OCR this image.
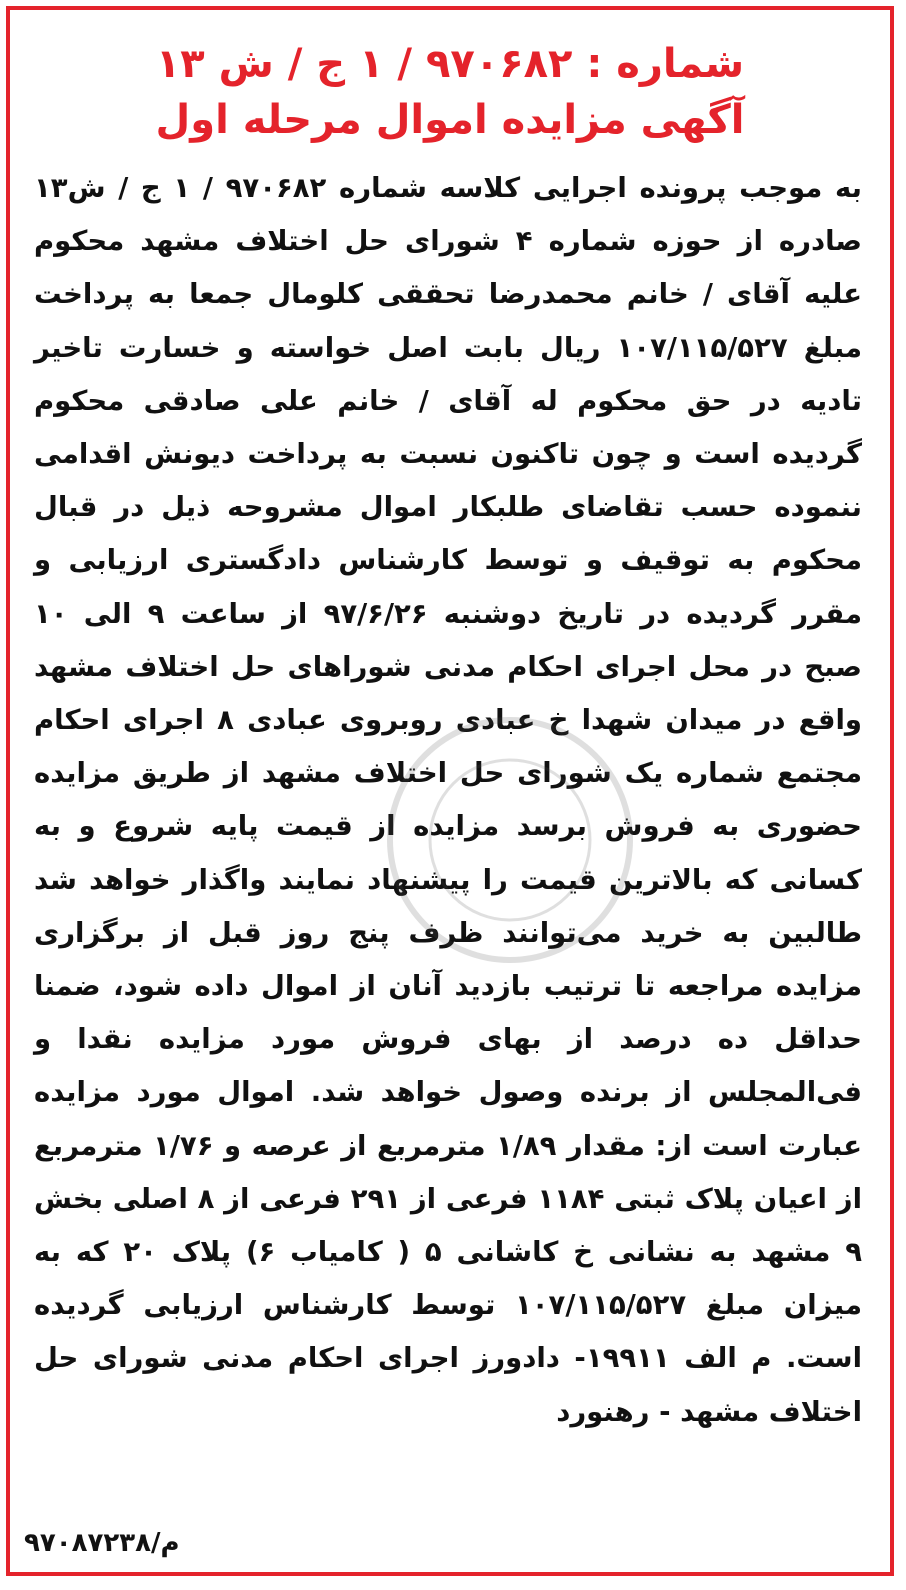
شماره : ۹۷۰۶۸۲ / ۱ ج / ش ۱۳

آگهی مزایده اموال مرحله اول

به موجب پرونده اجرایی کلاسه شماره ۹۷۰۶۸۲ / ۱ ج / ش۱۳ صادره از حوزه شماره ۴ شورای حل اختلاف مشهد محکوم علیه آقای / خانم محمدرضا تحققی کلومال جمعا به پرداخت مبلغ ۱۰۷/۱۱۵/۵۲۷ ریال بابت اصل خواسته و خسارت تاخیر تادیه در حق محکوم له آقای / خانم علی صادقی محکوم گردیده است و چون تاکنون نسبت به پرداخت دیونش اقدامی ننموده حسب تقاضای طلبکار اموال مشروحه ذیل در قبال محکوم به توقیف و توسط کارشناس دادگستری ارزیابی و مقرر گردیده در تاریخ دوشنبه ۹۷/۶/۲۶ از ساعت ۹ الی ۱۰ صبح در محل اجرای احکام مدنی شوراهای حل اختلاف مشهد واقع در میدان شهدا خ عبادی روبروی عبادی ۸ اجرای احکام مجتمع شماره یک شورای حل اختلاف مشهد از طریق مزایده حضوری به فروش برسد مزایده از قیمت پایه شروع و به کسانی که بالاترین قیمت را پیشنهاد نمایند واگذار خواهد شد طالبین به خرید می‌توانند ظرف پنج روز قبل از برگزاری مزایده مراجعه تا ترتیب بازدید آنان از اموال داده شود، ضمنا حداقل ده درصد از بهای فروش مورد مزایده نقدا و فی‌المجلس از برنده وصول خواهد شد. اموال مورد مزایده عبارت است از: مقدار ۱/۸۹ مترمربع از عرصه و ۱/۷۶ مترمربع از اعیان پلاک ثبتی ۱۱۸۴ فرعی از ۲۹۱ فرعی از ۸ اصلی بخش ۹ مشهد به نشانی خ کاشانی ۵ ( کامیاب ۶) پلاک ۲۰ که به میزان مبلغ ۱۰۷/۱۱۵/۵۲۷ توسط کارشناس ارزیابی گردیده است. م الف ۱۹۹۱۱- دادورز اجرای احکام مدنی شورای حل اختلاف مشهد - رهنورد

م/۹۷۰۸۷۲۳۸
